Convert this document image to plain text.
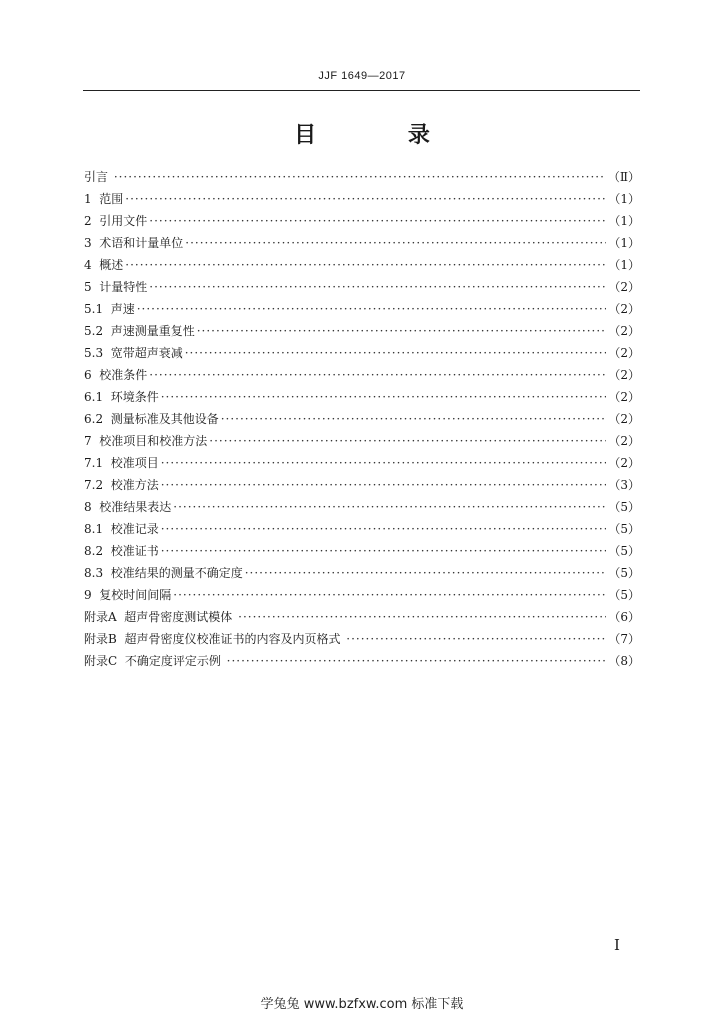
JJF 1649—2017
目 录
引言 ·····	（Ⅱ）
1 范围 ·····	（1）
2 引用文件 ·····	（1）
3 术语和计量单位 ·····	（1）
4 概述 ·····	（1）
5 计量特性 ·····	（2）
5.1 声速 ·····	（2）
5.2 声速测量重复性 ·····	（2）
5.3 宽带超声衰减 ·····	（2）
6 校准条件 ·····	（2）
6.1 环境条件 ·····	（2）
6.2 测量标准及其他设备 ·····	（2）
7 校准项目和校准方法 ·····	（2）
7.1 校准项目 ·····	（2）
7.2 校准方法 ·····	（3）
8 校准结果表达 ·····	（5）
8.1 校准记录 ·····	（5）
8.2 校准证书 ·····	（5）
8.3 校准结果的测量不确定度 ·····	（5）
9 复校时间间隔 ·····	（5）
附录A 超声骨密度测试模体 ·····	（6）
附录B 超声骨密度仪校准证书的内容及内页格式 ·····	（7）
附录C 不确定度评定示例 ·····	（8）
I
学兔兔 www.bzfxw.com 标准下载
